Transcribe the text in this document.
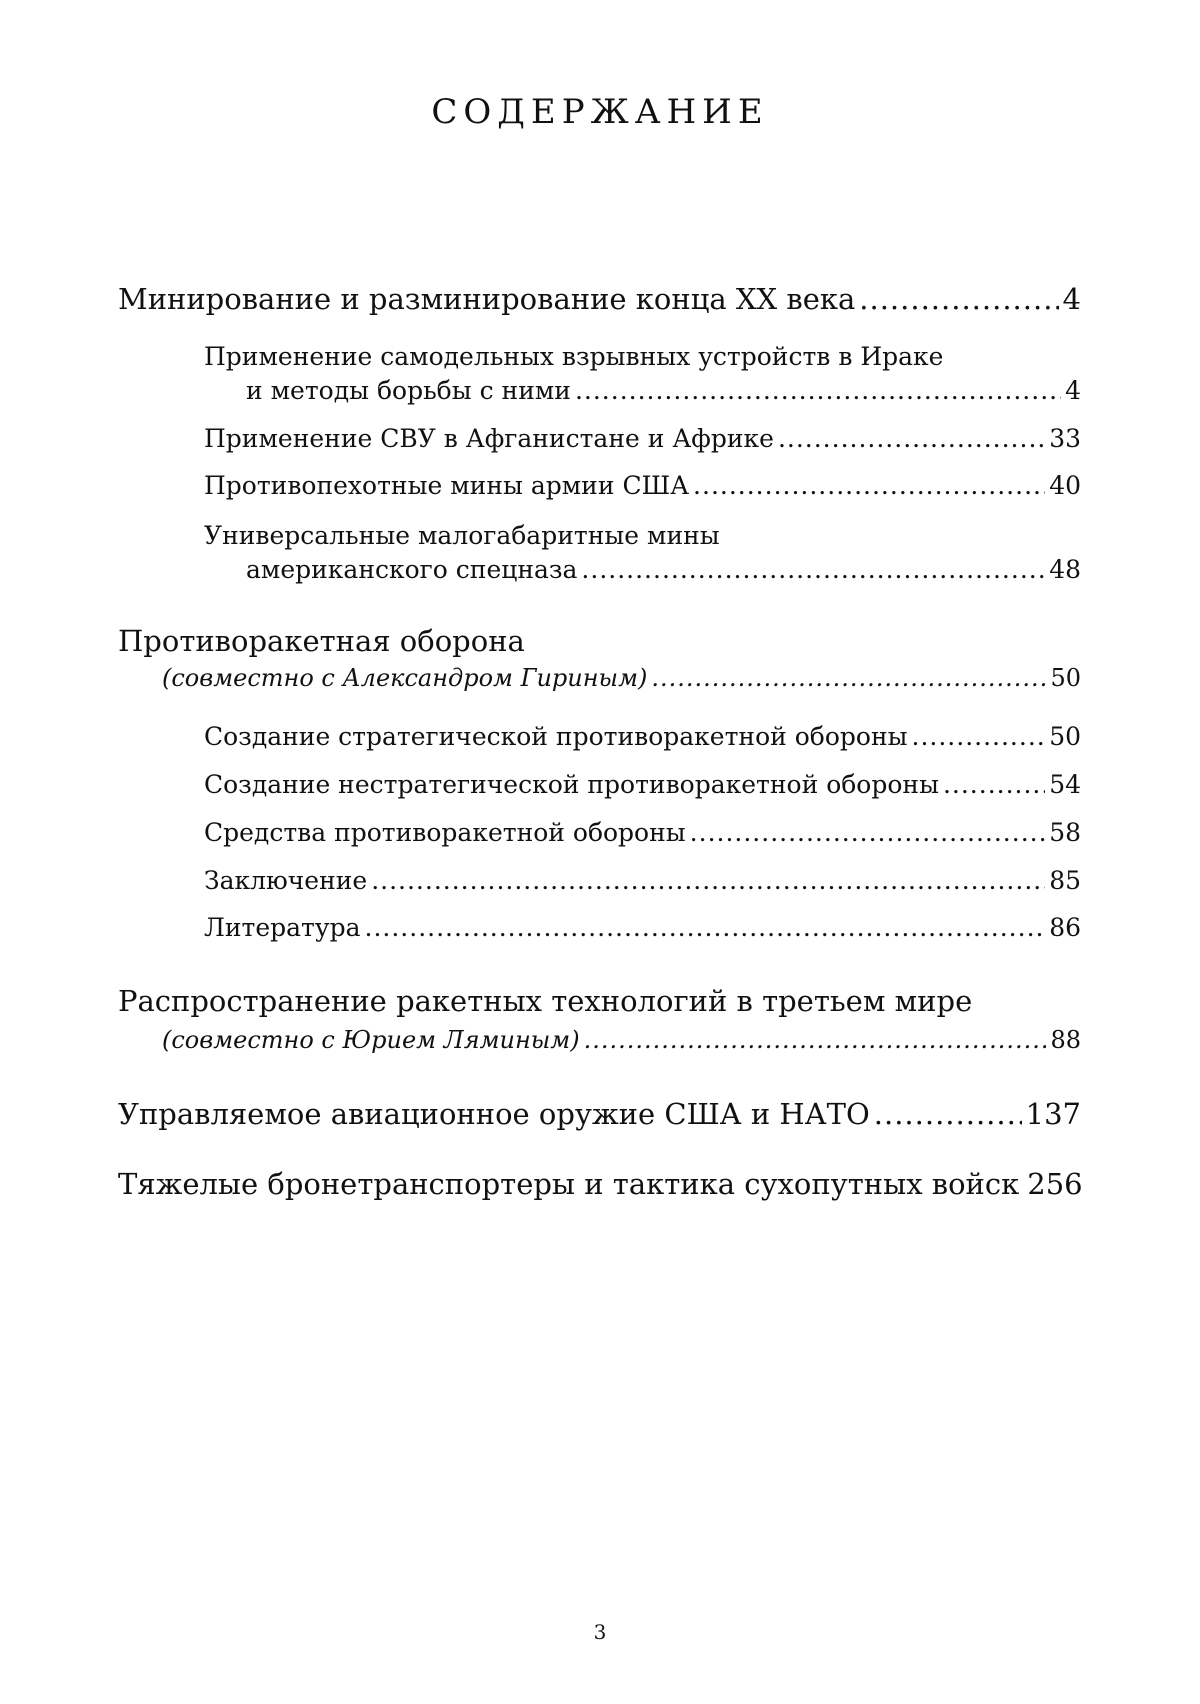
СОДЕРЖАНИЕ
Минирование и разминирование конца XX века .....	4
Применение самодельных взрывных устройств в Ираке
и методы борьбы с ними .....	4
Применение СВУ в Афганистане и Африке .....	33
Противопехотные мины армии США .....	40
Универсальные малогабаритные мины
американского спецназа .....	48
Противоракетная оборона
(совместно с Александром Гириным) .....	50
Создание стратегической противоракетной обороны .....	50
Создание нестратегической противоракетной обороны .....	54
Средства противоракетной обороны .....	58
Заключение .....	85
Литература .....	86
Распространение ракетных технологий в третьем мире
(совместно с Юрием Ляминым) .....	88
Управляемое авиационное оружие США и НАТО .....	137
Тяжелые бронетранспортеры и тактика сухопутных войск 256
3
